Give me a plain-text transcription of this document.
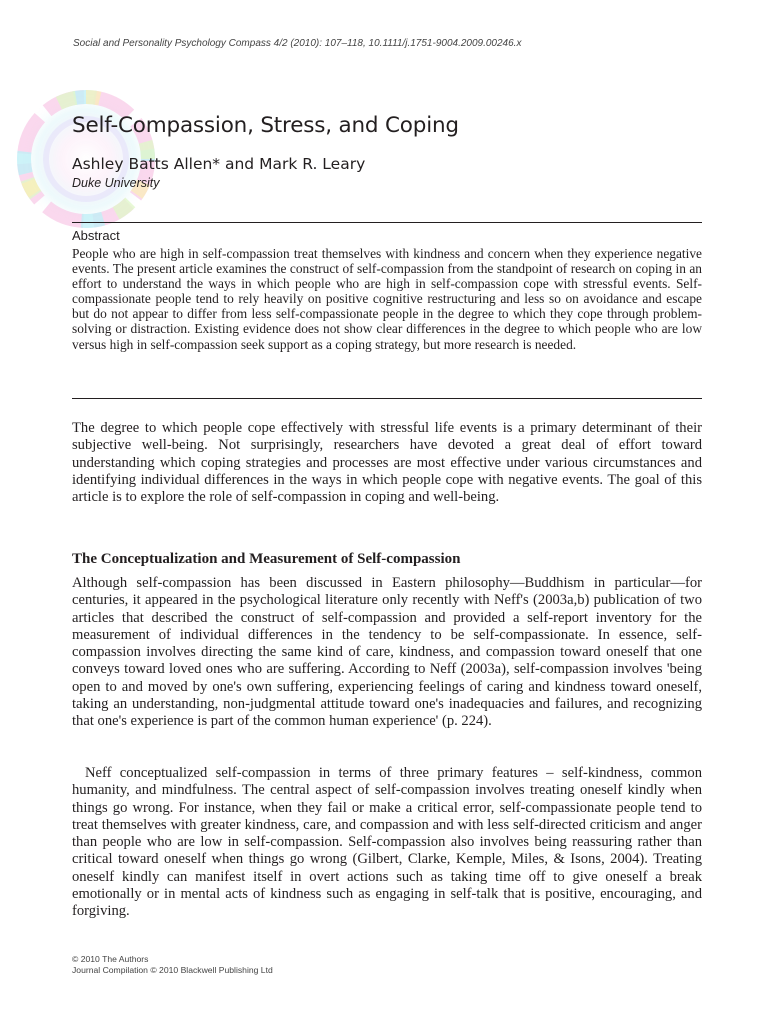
Social and Personality Psychology Compass 4/2 (2010): 107–118, 10.1111/j.1751-9004.2009.00246.x
Self-Compassion, Stress, and Coping
Ashley Batts Allen* and Mark R. Leary
Duke University
Abstract

People who are high in self-compassion treat themselves with kindness and concern when they experience negative events. The present article examines the construct of self-compassion from the standpoint of research on coping in an effort to understand the ways in which people who are high in self-compassion cope with stressful events. Self-compassionate people tend to rely heavily on positive cognitive restructuring and less so on avoidance and escape but do not appear to differ from less self-compassionate people in the degree to which they cope through problem-solving or distraction. Existing evidence does not show clear differences in the degree to which people who are low versus high in self-compassion seek support as a coping strategy, but more research is needed.

The degree to which people cope effectively with stressful life events is a primary determinant of their subjective well-being. Not surprisingly, researchers have devoted a great deal of effort toward understanding which coping strategies and processes are most effective under various circumstances and identifying individual differences in the ways in which people cope with negative events. The goal of this article is to explore the role of self-compassion in coping and well-being.

The Conceptualization and Measurement of Self-compassion

Although self-compassion has been discussed in Eastern philosophy—Buddhism in particular—for centuries, it appeared in the psychological literature only recently with Neff's (2003a,b) publication of two articles that described the construct of self-compassion and provided a self-report inventory for the measurement of individual differences in the tendency to be self-compassionate. In essence, self-compassion involves directing the same kind of care, kindness, and compassion toward oneself that one conveys toward loved ones who are suffering. According to Neff (2003a), self-compassion involves 'being open to and moved by one's own suffering, experiencing feelings of caring and kindness toward oneself, taking an understanding, non-judgmental attitude toward one's inadequacies and failures, and recognizing that one's experience is part of the common human experience' (p. 224).

Neff conceptualized self-compassion in terms of three primary features – self-kindness, common humanity, and mindfulness. The central aspect of self-compassion involves treating oneself kindly when things go wrong. For instance, when they fail or make a critical error, self-compassionate people tend to treat themselves with greater kindness, care, and compassion and with less self-directed criticism and anger than people who are low in self-compassion. Self-compassion also involves being reassuring rather than critical toward oneself when things go wrong (Gilbert, Clarke, Kemple, Miles, & Isons, 2004). Treating oneself kindly can manifest itself in overt actions such as taking time off to give oneself a break emotionally or in mental acts of kindness such as engaging in self-talk that is positive, encouraging, and forgiving.

© 2010 The Authors
Journal Compilation © 2010 Blackwell Publishing Ltd
